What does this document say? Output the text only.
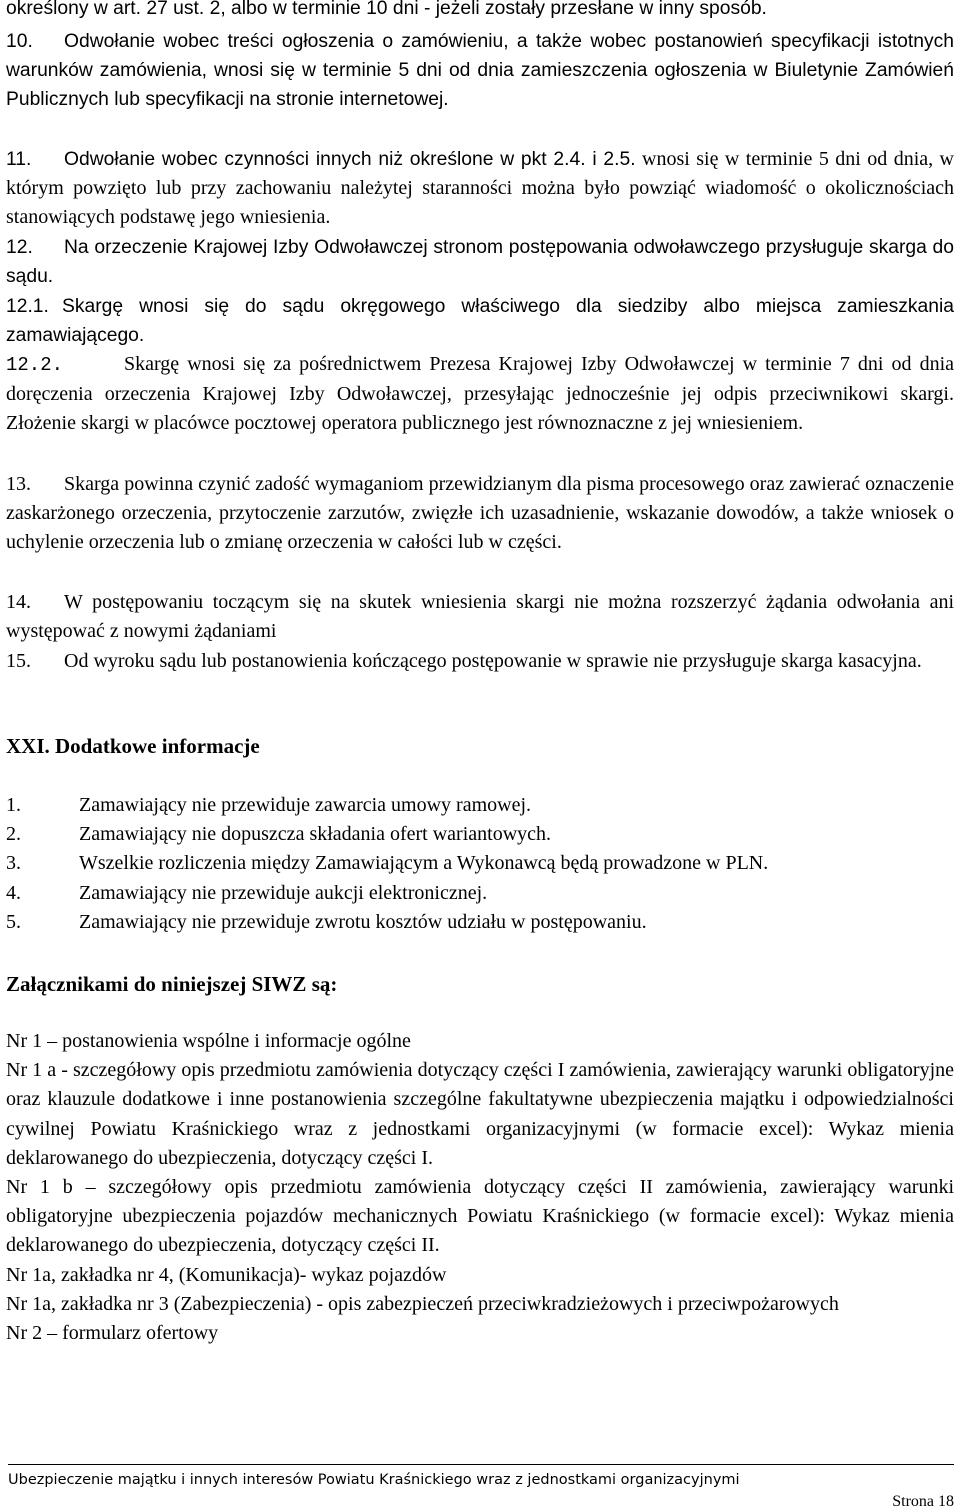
określony w art. 27 ust. 2, albo w terminie 10 dni - jeżeli zostały przesłane w inny sposób.

10. Odwołanie wobec treści ogłoszenia o zamówieniu, a także wobec postanowień specyfikacji istotnych warunków zamówienia, wnosi się w terminie 5 dni od dnia zamieszczenia ogłoszenia w Biuletynie Zamówień Publicznych lub specyfikacji na stronie internetowej.

11. Odwołanie wobec czynności innych niż określone w pkt 2.4. i 2.5. wnosi się w terminie 5 dni od dnia, w którym powzięto lub przy zachowaniu należytej staranności można było powziąć wiadomość o okolicznościach stanowiących podstawę jego wniesienia.

12. Na orzeczenie Krajowej Izby Odwoławczej stronom postępowania odwoławczego przysługuje skarga do sądu.

12.1. Skargę wnosi się do sądu okręgowego właściwego dla siedziby albo miejsca zamieszkania zamawiającego.

12.2.	Skargę wnosi się za pośrednictwem Prezesa Krajowej Izby Odwoławczej w terminie 7 dni od dnia doręczenia orzeczenia Krajowej Izby Odwoławczej, przesyłając jednocześnie jej odpis przeciwnikowi skargi. Złożenie skargi w placówce pocztowej operatora publicznego jest równoznaczne z jej wniesieniem.

13. Skarga powinna czynić zadość wymaganiom przewidzianym dla pisma procesowego oraz zawierać oznaczenie zaskarżonego orzeczenia, przytoczenie zarzutów, zwięzłe ich uzasadnienie, wskazanie dowodów, a także wniosek o uchylenie orzeczenia lub o zmianę orzeczenia w całości lub w części.

14. W postępowaniu toczącym się na skutek wniesienia skargi nie można rozszerzyć żądania odwołania ani występować z nowymi żądaniami

15. Od wyroku sądu lub postanowienia kończącego postępowanie w sprawie nie przysługuje skarga kasacyjna.

XXI. Dodatkowe informacje

1.	Zamawiający nie przewiduje zawarcia umowy ramowej.

2.	Zamawiający nie dopuszcza składania ofert wariantowych.

3.	Wszelkie rozliczenia między Zamawiającym a Wykonawcą będą prowadzone w PLN.

4.	Zamawiający nie przewiduje aukcji elektronicznej.

5.	Zamawiający nie przewiduje zwrotu kosztów udziału w postępowaniu.

Załącznikami do niniejszej SIWZ są:

Nr 1 – postanowienia wspólne i informacje ogólne

Nr 1 a - szczegółowy opis przedmiotu zamówienia dotyczący części I zamówienia, zawierający warunki obligatoryjne oraz klauzule dodatkowe i inne postanowienia szczególne fakultatywne ubezpieczenia majątku i odpowiedzialności cywilnej Powiatu Kraśnickiego wraz z jednostkami organizacyjnymi (w formacie excel): Wykaz mienia deklarowanego do ubezpieczenia, dotyczący części I.

Nr 1 b – szczegółowy opis przedmiotu zamówienia dotyczący części II zamówienia, zawierający warunki obligatoryjne ubezpieczenia pojazdów mechanicznych Powiatu Kraśnickiego (w formacie excel): Wykaz mienia deklarowanego do ubezpieczenia, dotyczący części II.

Nr 1a, zakładka nr 4, (Komunikacja)- wykaz pojazdów

Nr 1a, zakładka nr 3 (Zabezpieczenia) - opis zabezpieczeń przeciwkradzieżowych i przeciwpożarowych

Nr 2 – formularz ofertowy

Ubezpieczenie majątku i innych interesów Powiatu Kraśnickiego wraz z jednostkami organizacyjnymi
Strona 18
